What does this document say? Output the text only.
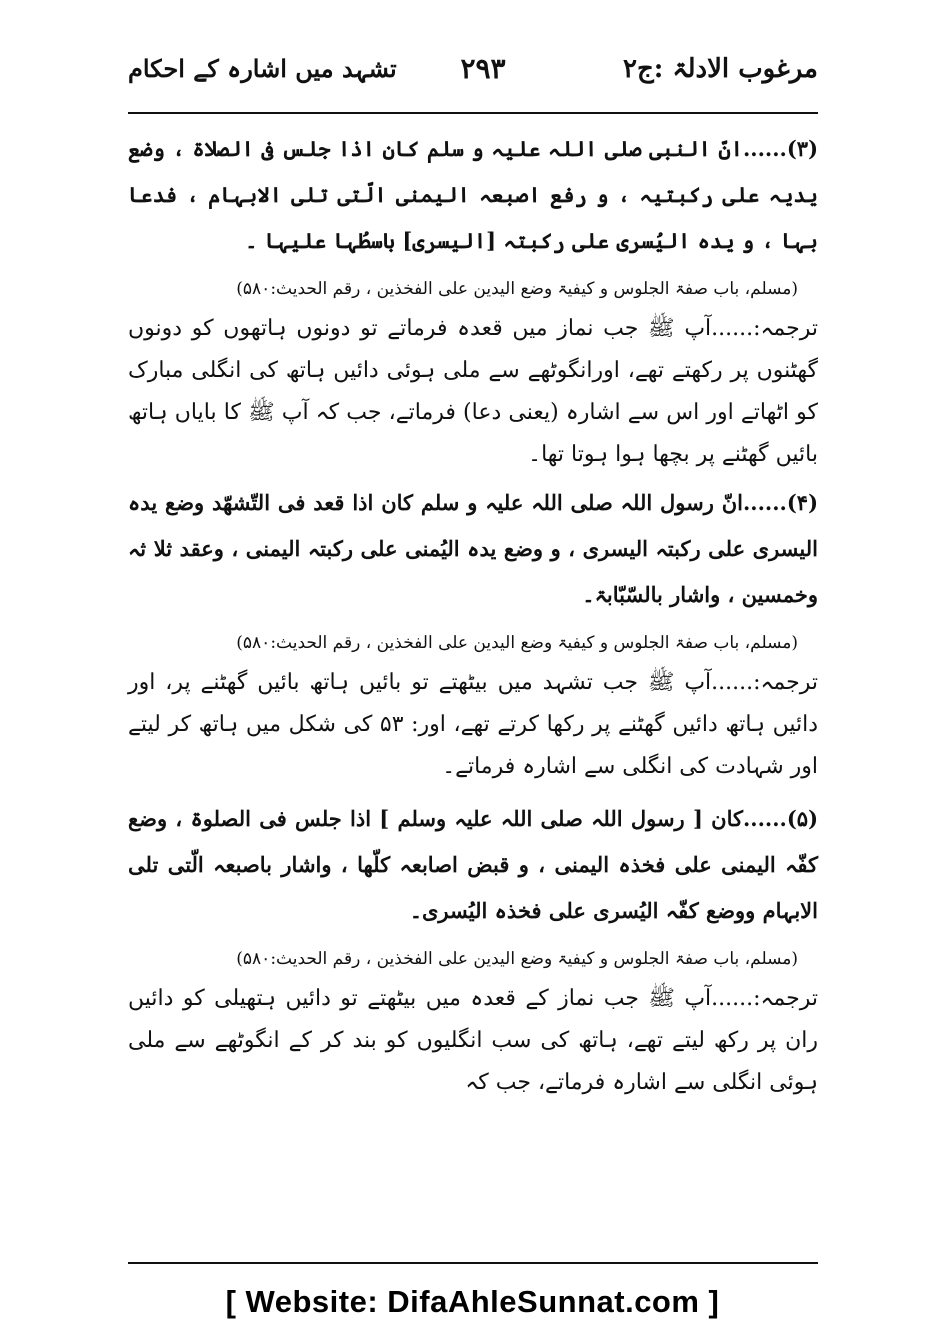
مرغوب الادلۃ :ج۲
۲۹۳
تشہد میں اشارہ کے احکام

(۳)......انّ النبی صلی اللہ علیہ و سلم کان اذا جلس فی الصلاۃ ، وضع یدیہ علی رکبتیہ ، و رفع اصبعہ الیمنی الّتی تلی الابہام ، فدعا بہا ، و یدہ الیُسری علی رکبتہ [الیسری] باسطُہا علیہا ۔

(مسلم، باب صفۃ الجلوس و کیفیۃ وضع الیدین علی الفخذین ، رقم الحدیث:۵۸۰)

ترجمہ:......آپ ﷺ جب نماز میں قعدہ فرماتے تو دونوں ہاتھوں کو دونوں گھٹنوں پر رکھتے تھے، اورانگوٹھے سے ملی ہوئی دائیں ہاتھ کی انگلی مبارک کو اٹھاتے اور اس سے اشارہ (یعنی دعا) فرماتے، جب کہ آپ ﷺ کا بایاں ہاتھ بائیں گھٹنے پر بچھا ہوا ہوتا تھا۔

(۴)......انّ رسول اللہ صلی اللہ علیہ و سلم کان اذا قعد فی التّشھّد وضع یدہ الیسری علی رکبتہ الیسری ، و وضع یدہ الیُمنی علی رکبتہ الیمنی ، وعقد ثلا ثہ وخمسین ، واشار بالسّبّابۃ۔

(مسلم، باب صفۃ الجلوس و کیفیۃ وضع الیدین علی الفخذین ، رقم الحدیث:۵۸۰)

ترجمہ:......آپ ﷺ جب تشہد میں بیٹھتے تو بائیں ہاتھ بائیں گھٹنے پر، اور دائیں ہاتھ دائیں گھٹنے پر رکھا کرتے تھے، اور: ۵۳ کی شکل میں ہاتھ کر لیتے اور شہادت کی انگلی سے اشارہ فرماتے۔

(۵)......کان [ رسول اللہ صلی اللہ علیہ وسلم ] اذا جلس فی الصلوۃ ، وضع کفّہ الیمنی علی فخذہ الیمنی ، و قبض اصابعہ کلّھا ، واشار باصبعہ الّتی تلی الابہام ووضع کفّہ الیُسری علی فخذہ الیُسری۔

(مسلم، باب صفۃ الجلوس و کیفیۃ وضع الیدین علی الفخذین ، رقم الحدیث:۵۸۰)

ترجمہ:......آپ ﷺ جب نماز کے قعدہ میں بیٹھتے تو دائیں ہتھیلی کو دائیں ران پر رکھ لیتے تھے، ہاتھ کی سب انگلیوں کو بند کر کے انگوٹھے سے ملی ہوئی انگلی سے اشارہ فرماتے، جب کہ

[ Website: DifaAhleSunnat.com ]
